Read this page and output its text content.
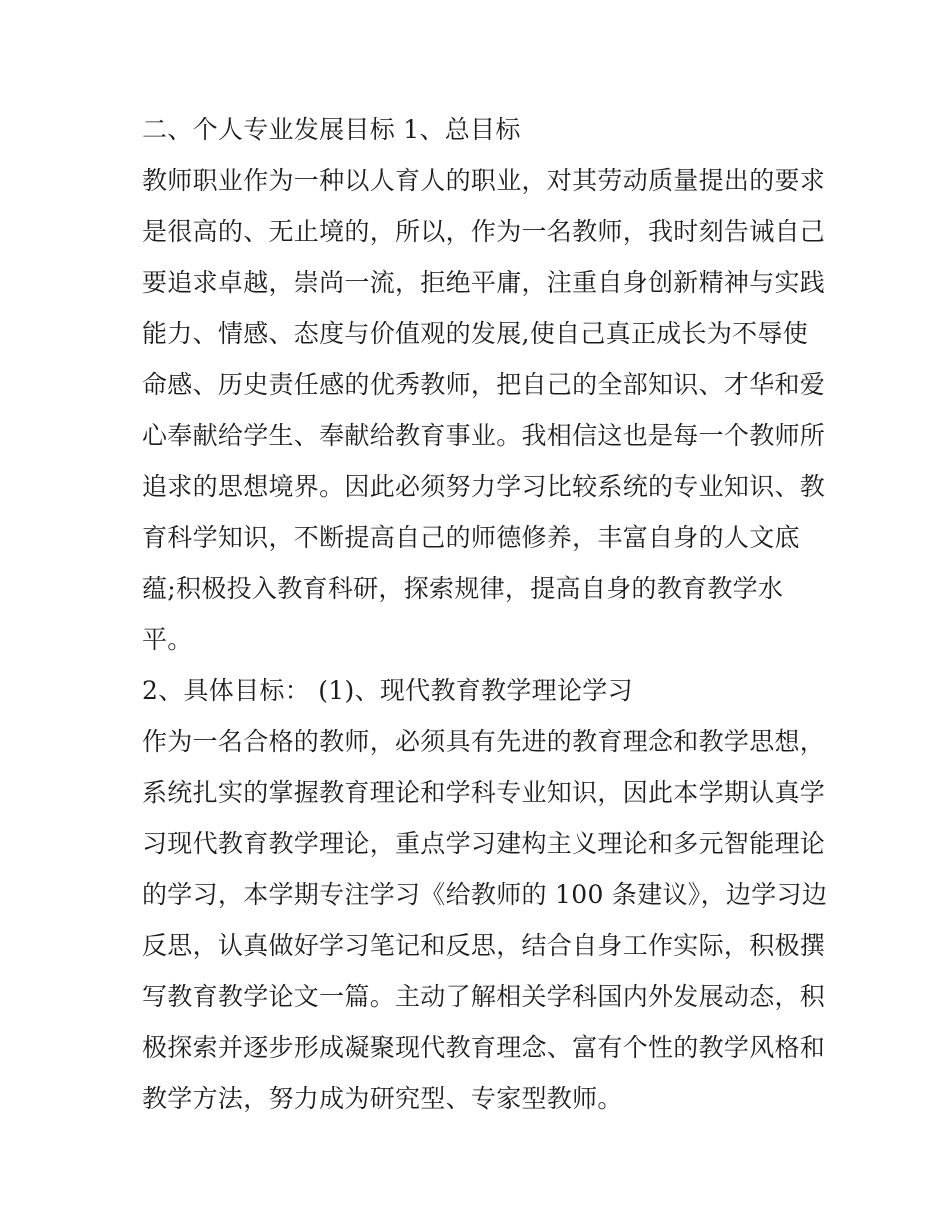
二、个人专业发展目标 1、总目标

教师职业作为一种以人育人的职业，对其劳动质量提出的要求

是很高的、无止境的，所以，作为一名教师，我时刻告诫自己

要追求卓越，崇尚一流，拒绝平庸，注重自身创新精神与实践

能力、情感、态度与价值观的发展,使自己真正成长为不辱使

命感、历史责任感的优秀教师，把自己的全部知识、才华和爱

心奉献给学生、奉献给教育事业。我相信这也是每一个教师所

追求的思想境界。因此必须努力学习比较系统的专业知识、教

育科学知识，不断提高自己的师德修养，丰富自身的人文底

蕴;积极投入教育科研，探索规律，提高自身的教育教学水

平。

2、具体目标： (1)、现代教育教学理论学习

作为一名合格的教师，必须具有先进的教育理念和教学思想，

系统扎实的掌握教育理论和学科专业知识，因此本学期认真学

习现代教育教学理论，重点学习建构主义理论和多元智能理论

的学习，本学期专注学习《给教师的 100 条建议》，边学习边

反思，认真做好学习笔记和反思，结合自身工作实际，积极撰

写教育教学论文一篇。主动了解相关学科国内外发展动态，积

极探索并逐步形成凝聚现代教育理念、富有个性的教学风格和

教学方法，努力成为研究型、专家型教师。
